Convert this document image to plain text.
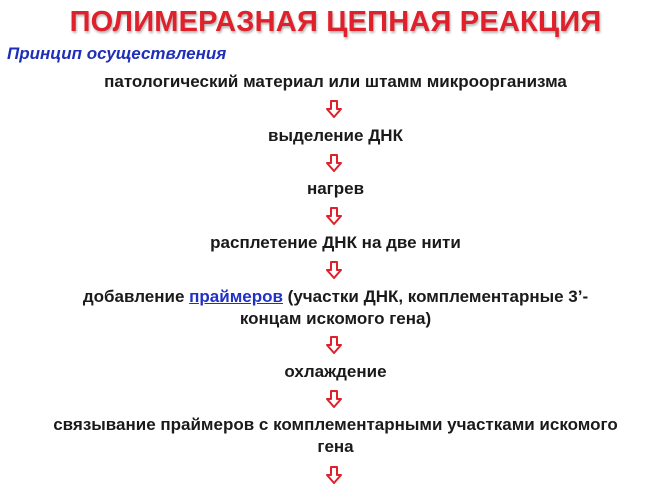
ПОЛИМЕРАЗНАЯ ЦЕПНАЯ РЕАКЦИЯ
Принцип осуществления
патологический материал или штамм микроорганизма
выделение ДНК
нагрев
расплетение ДНК на две нити
добавление праймеров (участки ДНК, комплементарные 3’-
концам искомого гена)
охлаждение
связывание праймеров с комплементарными участками искомого
гена
